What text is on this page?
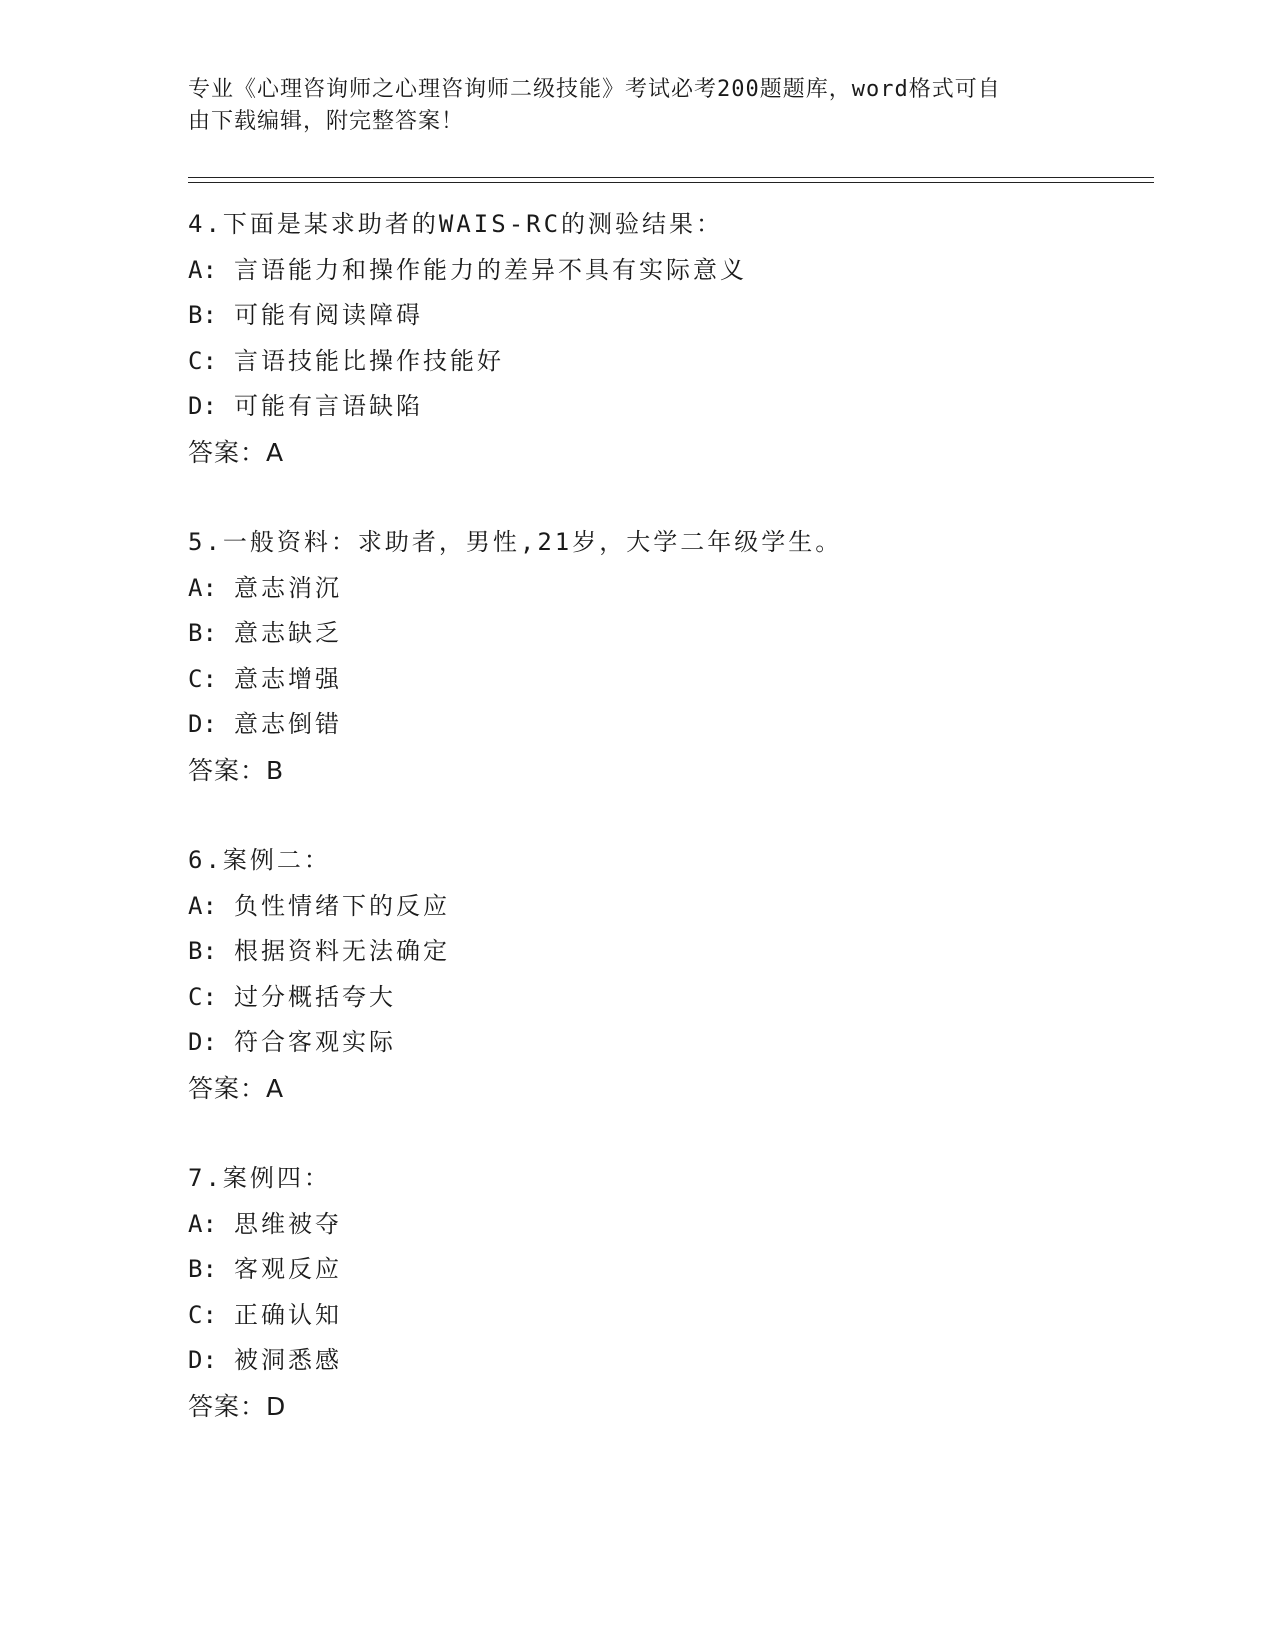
专业《心理咨询师之心理咨询师二级技能》考试必考200题题库，word格式可自
由下载编辑，附完整答案！
4.下面是某求助者的WAIS-RC的测验结果：
A: 言语能力和操作能力的差异不具有实际意义
B: 可能有阅读障碍
C: 言语技能比操作技能好
D: 可能有言语缺陷
答案：A
5.一般资料：求助者，男性,21岁，大学二年级学生。
A: 意志消沉
B: 意志缺乏
C: 意志增强
D: 意志倒错
答案：B
6.案例二：
A: 负性情绪下的反应
B: 根据资料无法确定
C: 过分概括夸大
D: 符合客观实际
答案：A
7.案例四：
A: 思维被夺
B: 客观反应
C: 正确认知
D: 被洞悉感
答案：D
